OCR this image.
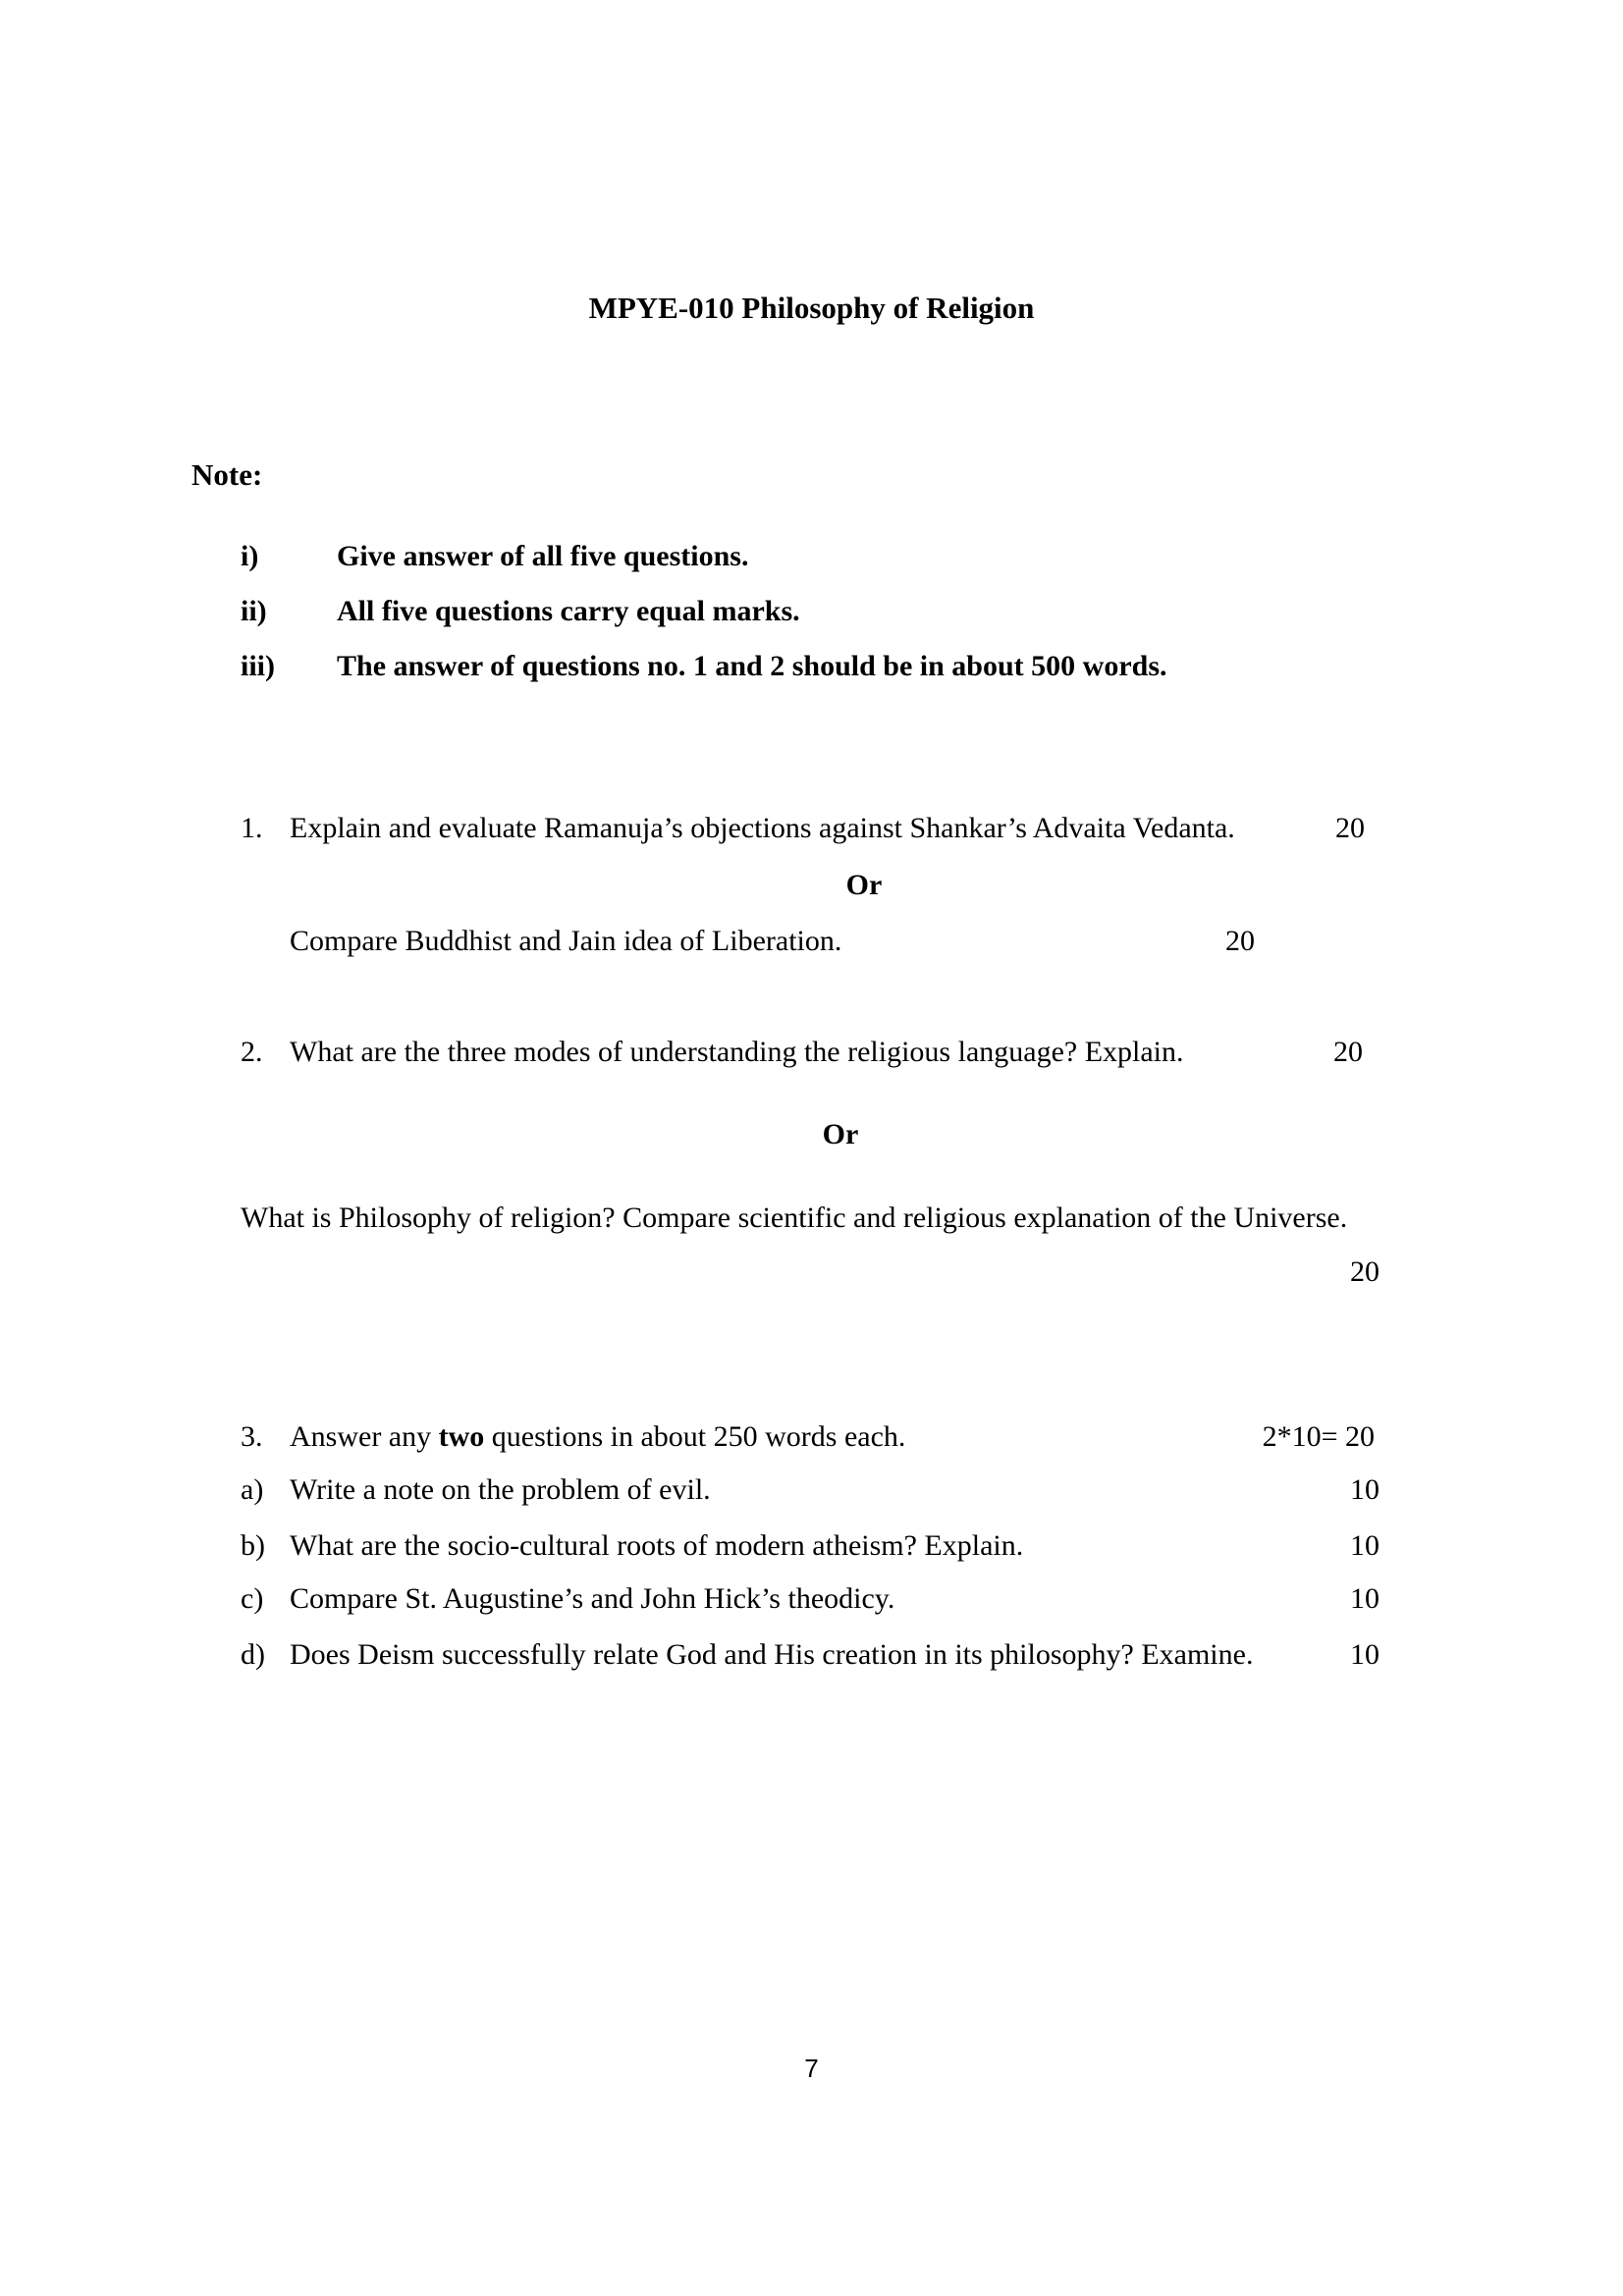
MPYE-010 Philosophy of Religion
Note:
i)	Give answer of all five questions.
ii) All five questions carry equal marks.
iii) The answer of questions no. 1 and 2 should be in about 500 words.
1. Explain and evaluate Ramanuja’s objections against Shankar’s Advaita Vedanta.	20
Or
Compare Buddhist and Jain idea of Liberation.	20
2. What are the three modes of understanding the religious language? Explain.	20
Or
What is Philosophy of religion? Compare scientific and religious explanation of the Universe.
20
3. Answer any two questions in about 250 words each.	2*10= 20
a) Write a note on the problem of evil.	10
b) What are the socio-cultural roots of modern atheism? Explain.	10
c) Compare St. Augustine’s and John Hick’s theodicy.	10
d) Does Deism successfully relate God and His creation in its philosophy? Examine.	10
7
